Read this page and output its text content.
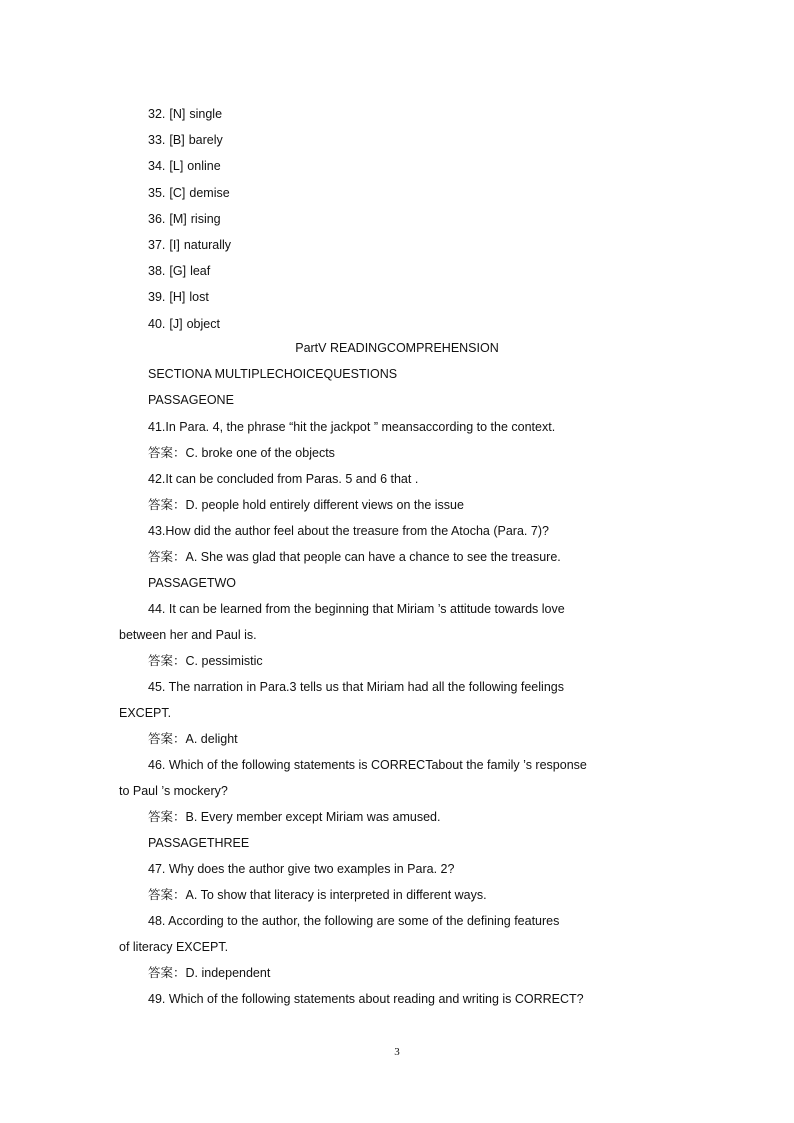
32. [N] single
33. [B] barely
34. [L] online
35. [C] demise
36. [M] rising
37. [I] naturally
38. [G] leaf
39. [H] lost
40. [J] object
PartV READINGCOMPREHENSION
SECTIONA MULTIPLECHOICEQUESTIONS
PASSAGEONE
41.In Para. 4, the phrase “hit the jackpot ” meansaccording to the context.
答案：C. broke one of the objects
42.It can be concluded from Paras. 5 and 6 that .
答案：D. people hold entirely different views on the issue
43.How did the author feel about the treasure from the Atocha (Para. 7)?
答案：A. She was glad that people can have a chance to see the treasure.
PASSAGETWO
44. It can be learned from the beginning that Miriam ’s attitude towards love
between her and Paul is.
答案：C. pessimistic
45. The narration in Para.3 tells us that Miriam had all the following feelings
EXCEPT.
答案：A. delight
46. Which of the following statements is CORRECTabout the family ’s response
to Paul ’s mockery?
答案：B. Every member except Miriam was amused.
PASSAGETHREE
47. Why does the author give two examples in Para. 2?
答案：A. To show that literacy is interpreted in different ways.
48. According to the author, the following are some of the defining features
of literacy EXCEPT.
答案：D. independent
49. Which of the following statements about reading and writing is CORRECT?
3
